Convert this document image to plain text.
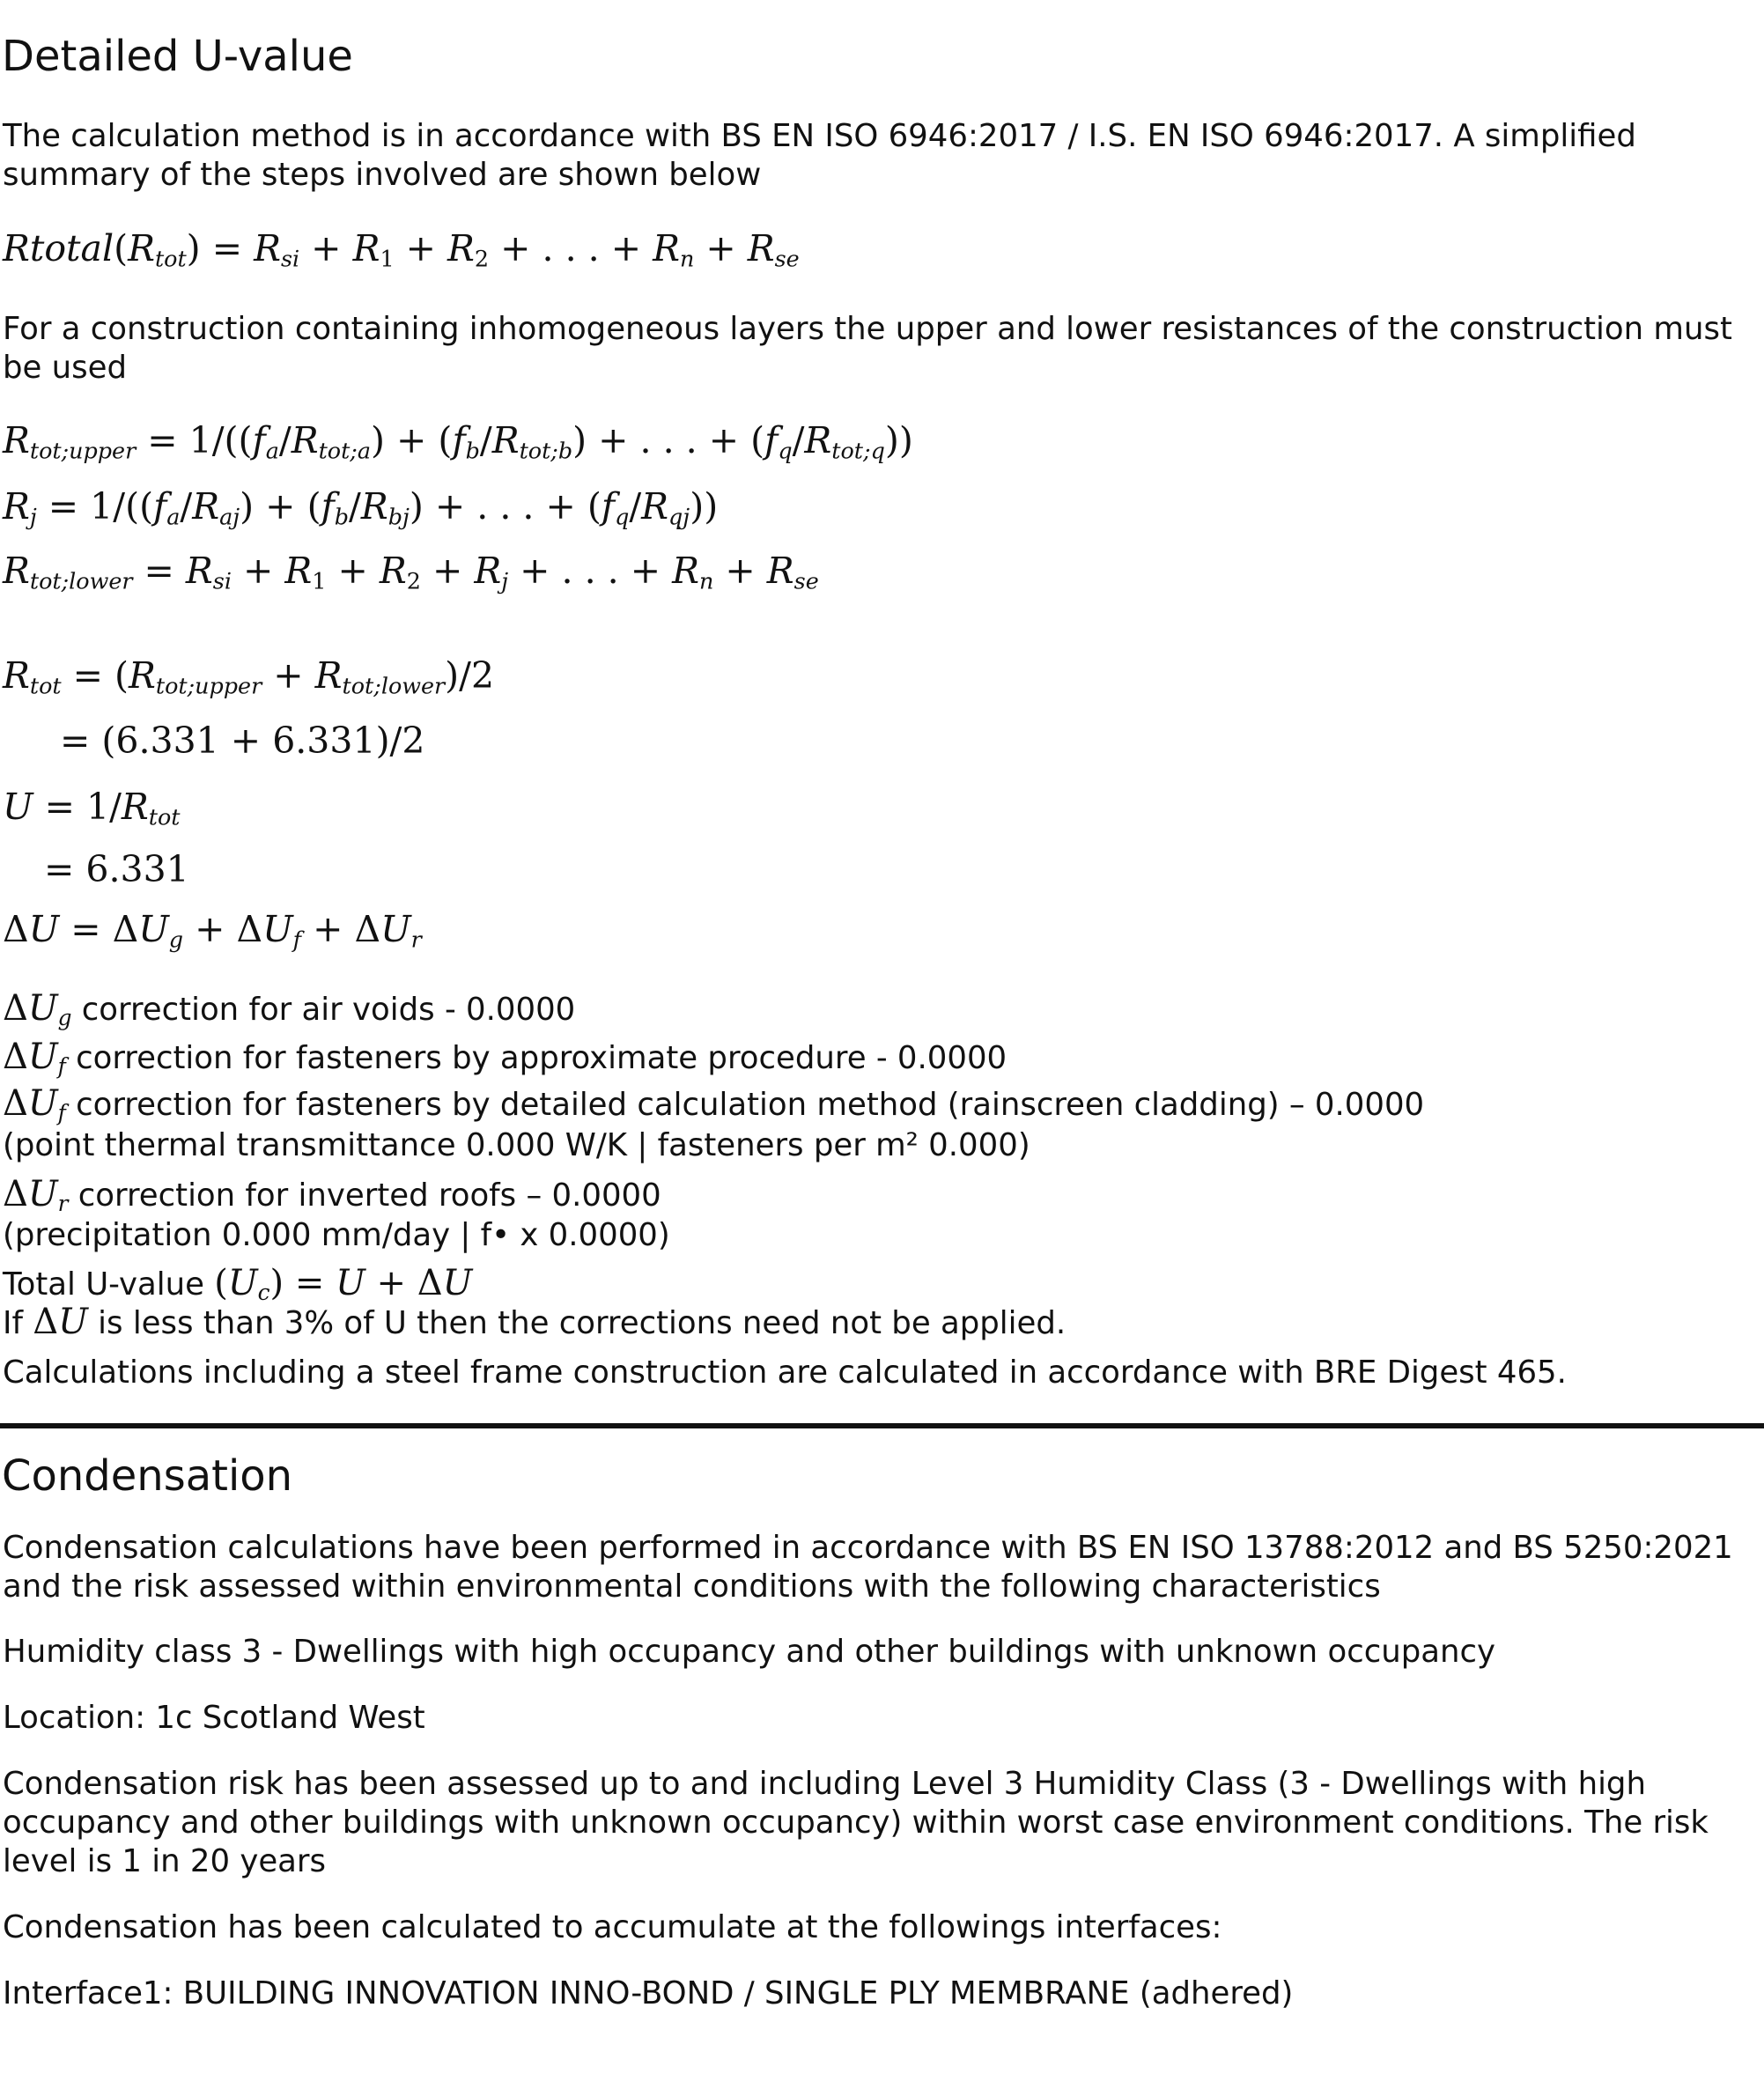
Detailed U-value

The calculation method is in accordance with BS EN ISO 6946:2017 / I.S. EN ISO 6946:2017. A simplified summary of the steps involved are shown below

$Rtotal(R_{tot}) = R_{si} + R_1 + R_2$ + . . . + $R_n + R_{se}$

For a construction containing inhomogeneous layers the upper and lower resistances of the construction must be used

$R_{tot;upper} = 1/((f_a/R_{tot;a}) + (f_b/R_{tot;b})$ + . . . + $(f_q/R_{tot;q})$)
$R_j = 1/((f_a/R_{aj}) + (f_b/R_{bj})$ + . . . + $(f_q/R_{qj})$)
$R_{tot;lower} = R_{si} + R_1 + R_2 + R_j$ + . . . + $R_n + R_{se}$
$R_{tot} = (R_{tot;upper} + R_{tot;lower})/2$
= (6.331 + 6.331)/2
$U = 1/R_{tot}$
= 6.331
$\Delta U = \Delta U_g + \Delta U_f + \Delta U_r$

$\Delta U_g$ correction for air voids - 0.0000

$\Delta U_f$ correction for fasteners by approximate procedure - 0.0000

$\Delta U_f$ correction for fasteners by detailed calculation method (rainscreen cladding) – 0.0000

(point thermal transmittance 0.000 W/K | fasteners per m² 0.000)

$\Delta U_r$ correction for inverted roofs – 0.0000

(precipitation 0.000 mm/day | f• x 0.0000)

Total U-value $(U_c) = U + \Delta U$

If ΔU is less than 3% of U then the corrections need not be applied.

Calculations including a steel frame construction are calculated in accordance with BRE Digest 465.

Condensation

Condensation calculations have been performed in accordance with BS EN ISO 13788:2012 and BS 5250:2021 and the risk assessed within environmental conditions with the following characteristics

Humidity class 3 - Dwellings with high occupancy and other buildings with unknown occupancy

Location: 1c Scotland West

Condensation risk has been assessed up to and including Level 3 Humidity Class (3 - Dwellings with high occupancy and other buildings with unknown occupancy) within worst case environment conditions. The risk level is 1 in 20 years

Condensation has been calculated to accumulate at the followings interfaces:

Interface1: BUILDING INNOVATION INNO-BOND / SINGLE PLY MEMBRANE (adhered)
